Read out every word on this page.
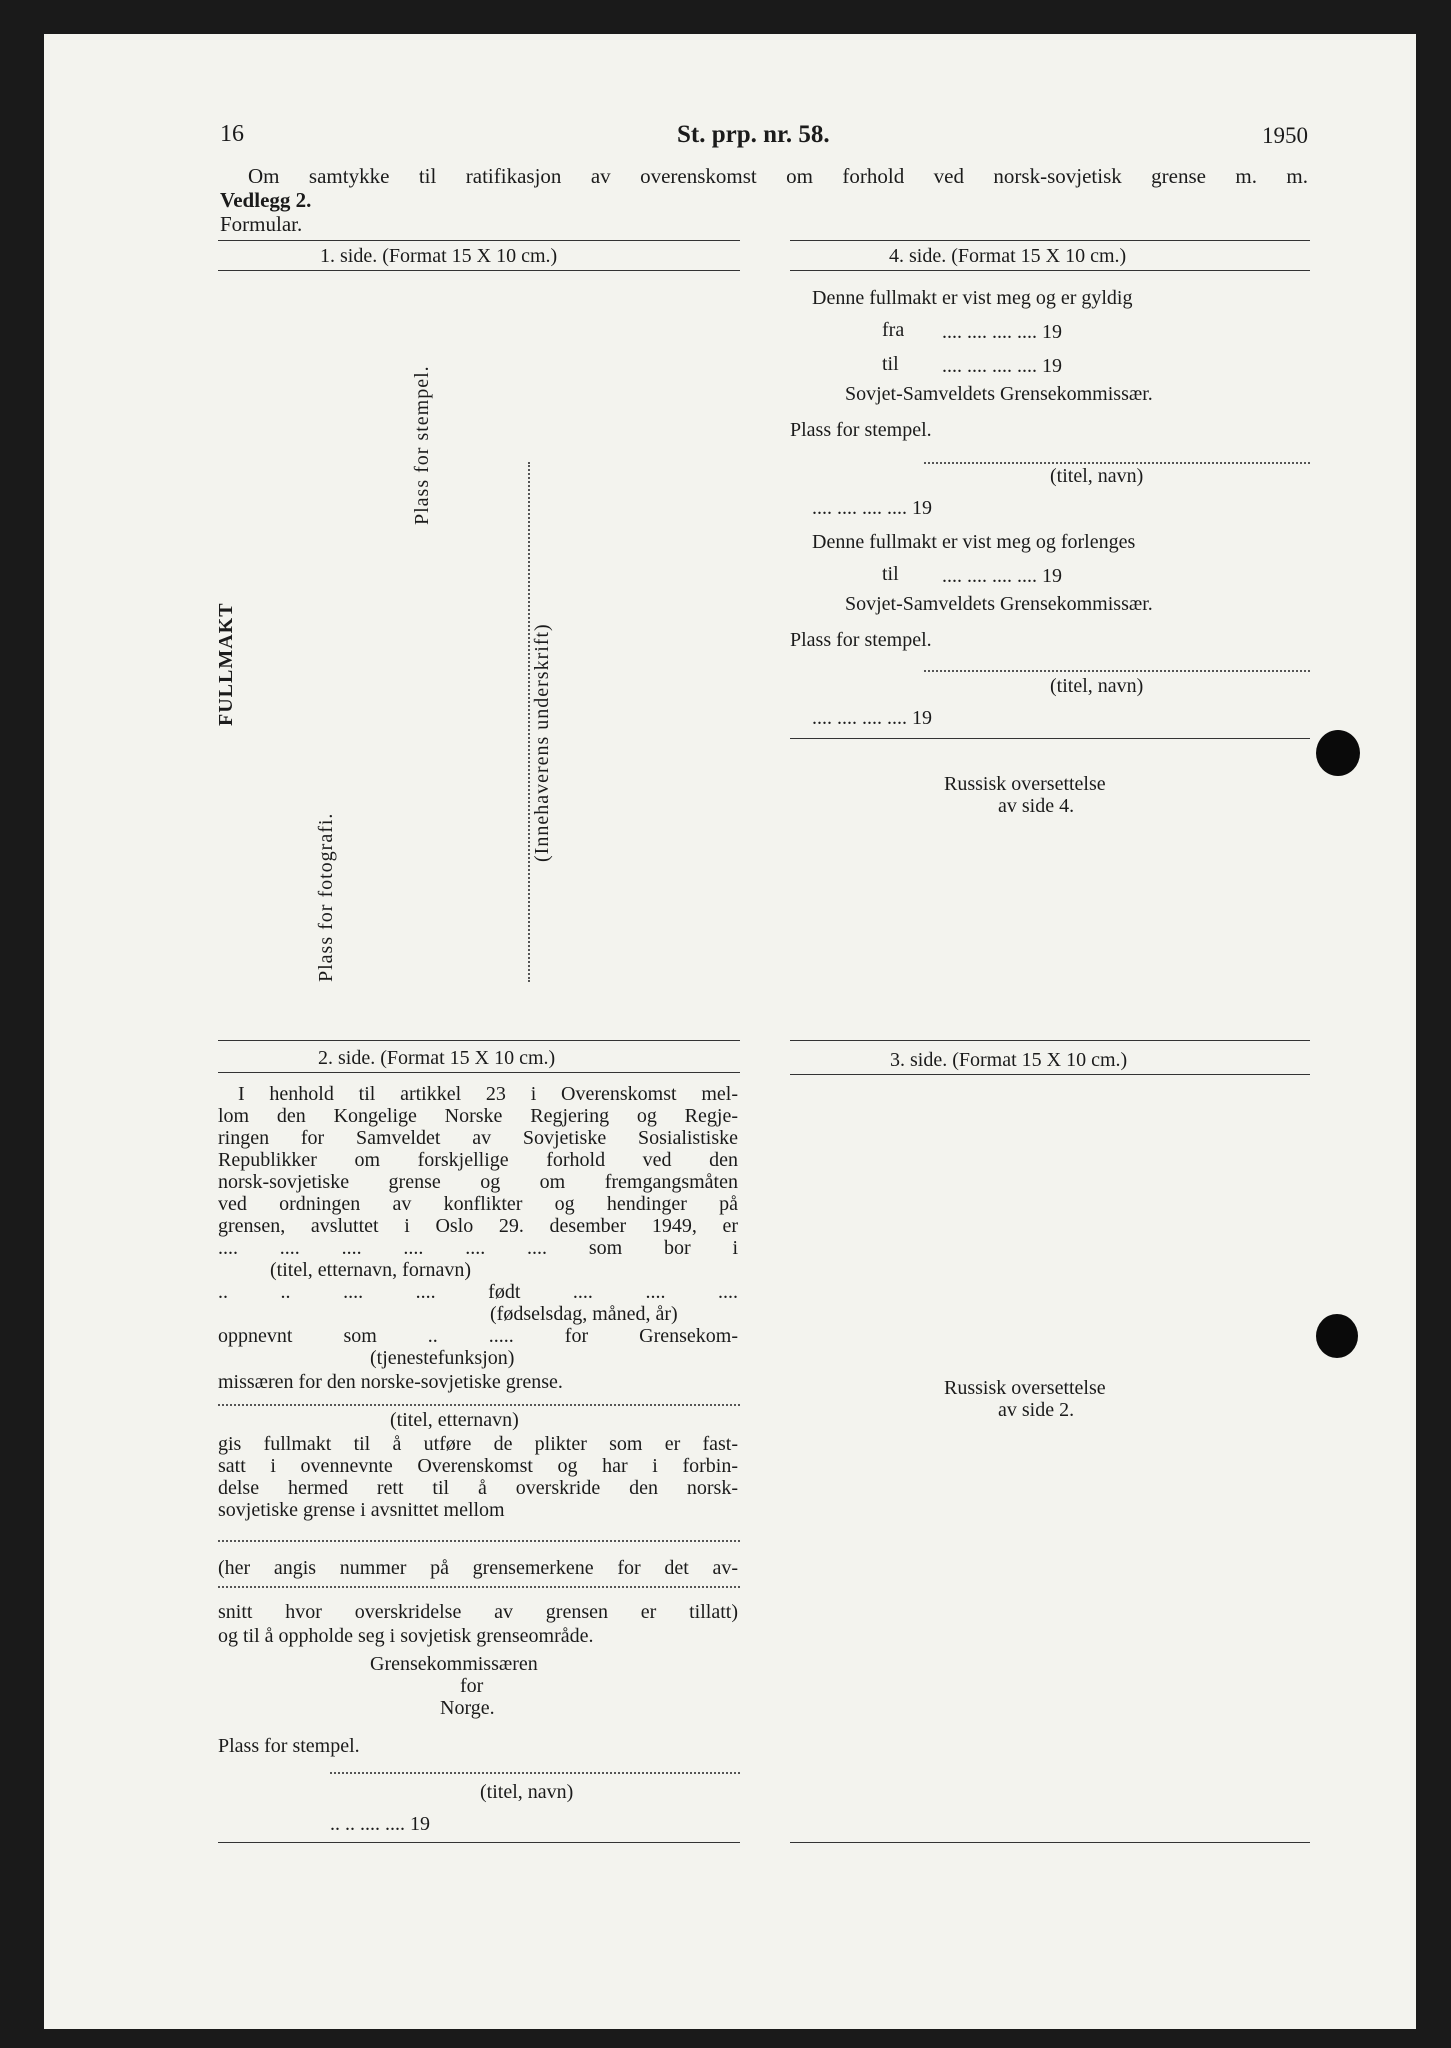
16	St. prp. nr. 58.	1950
Om samtykke til ratifikasjon av overenskomst om forhold ved norsk-sovjetisk grense m. m.
Vedlegg 2.
Formular.
1. side. (Format 15 X 10 cm.)
FULLMAKT
Plass for stempel.
Plass for fotografi.
(Innehaverens underskrift)
4. side. (Format 15 X 10 cm.)
Denne fullmakt er vist meg og er gyldig
fra .... .... .... .... 19
til .... .... .... .... 19
Sovjet-Samveldets Grensekommissær.
Plass for stempel.
(titel, navn)
.... .... .... .... 19
Denne fullmakt er vist meg og forlenges
til .... .... .... .... 19
Sovjet-Samveldets Grensekommissær.
Plass for stempel.
(titel, navn)
.... .... .... .... 19
Russisk oversettelse
av side 4.
2. side. (Format 15 X 10 cm.)
I henhold til artikkel 23 i Overenskomst mel-
lom den Kongelige Norske Regjering og Regje-
ringen for Samveldet av Sovjetiske Sosialistiske
Republikker om forskjellige forhold ved den
norsk-sovjetiske grense og om fremgangsmåten
ved ordningen av konflikter og hendinger på
grensen, avsluttet i Oslo 29. desember 1949, er
.... .... .... .... .... .... som bor i
(titel, etternavn, fornavn)
.. .. .... .... født .... .... ....
(fødselsdag, måned, år)
oppnevnt som .. ..... for Grensekom-
(tjenestefunksjon)
missæren for den norske-sovjetiske grense.
(titel, etternavn)
gis fullmakt til å utføre de plikter som er fast-
satt i ovennevnte Overenskomst og har i forbin-
delse hermed rett til å overskride den norsk-
sovjetiske grense i avsnittet mellom
(her angis nummer på grensemerkene for det av-
snitt hvor overskridelse av grensen er tillatt)
og til å oppholde seg i sovjetisk grenseområde.
Grensekommissæren
for
Norge.
Plass for stempel.
(titel, navn)
.. .. .... .... 19
3. side. (Format 15 X 10 cm.)
Russisk oversettelse
av side 2.
